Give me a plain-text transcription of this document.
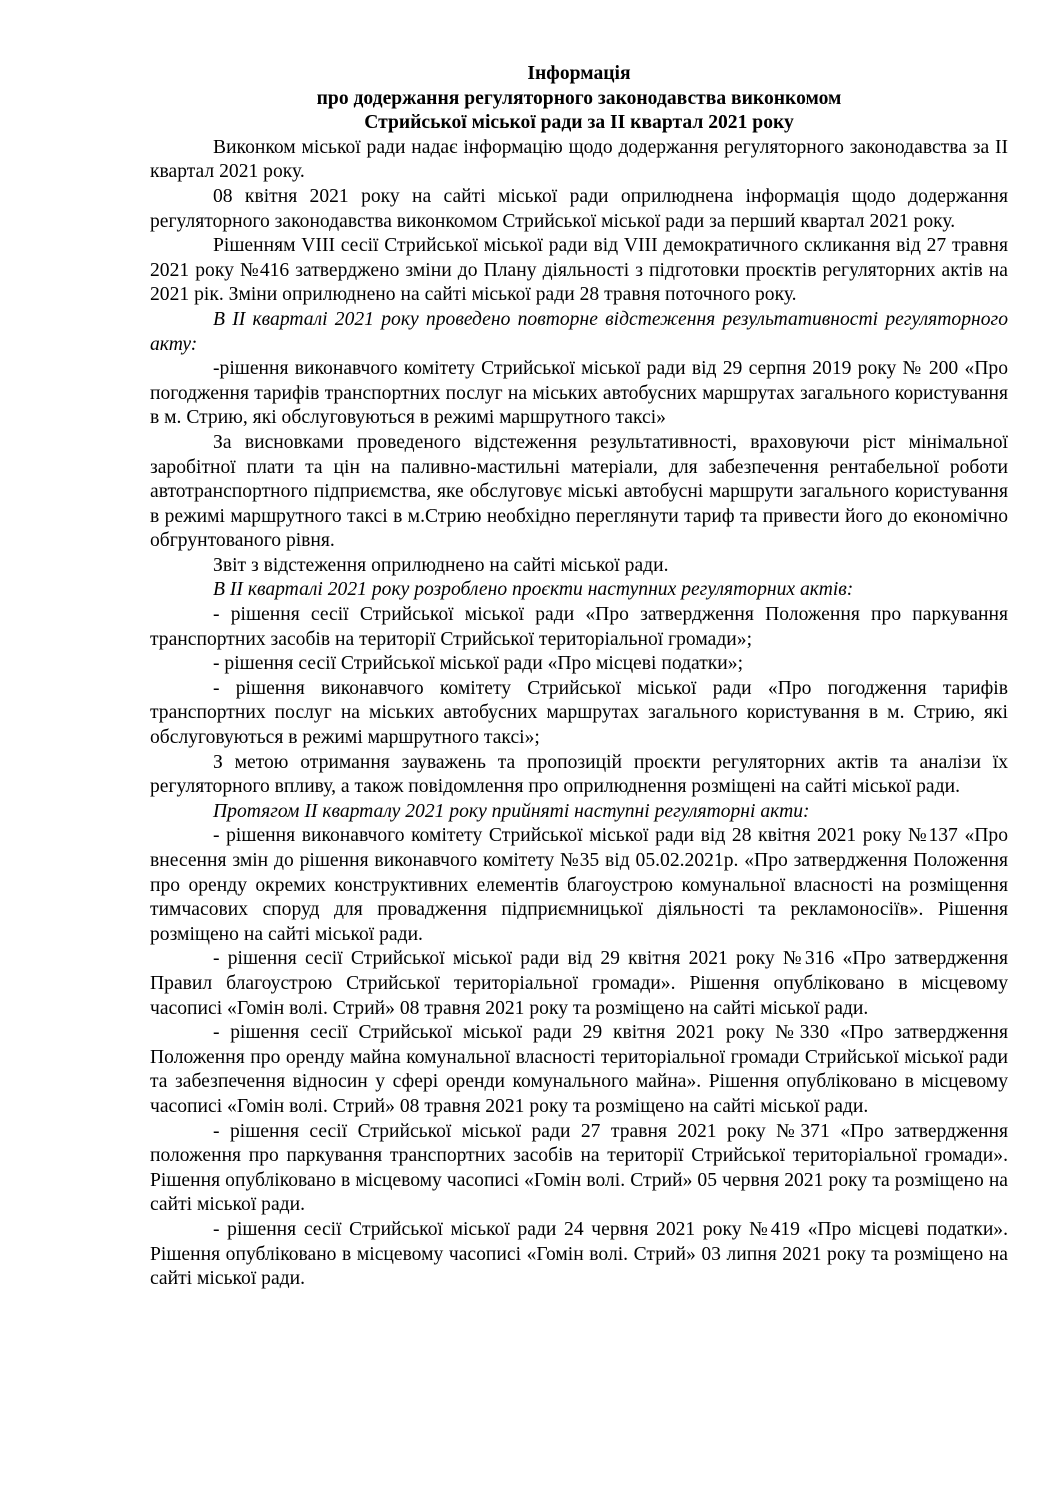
Інформація
про додержання регуляторного законодавства виконкомом
Стрийської міської ради за ІІ квартал 2021 року

Виконком міської ради надає інформацію щодо додержання регуляторного законодавства за ІІ квартал 2021 року.

08 квітня 2021 року на сайті міської ради оприлюднена інформація щодо додержання регуляторного законодавства виконкомом Стрийської міської ради за перший квартал 2021 року.

Рішенням VIII сесії Стрийської міської ради від VIII демократичного скликання від 27 травня 2021 року №416 затверджено зміни до Плану діяльності з підготовки проєктів регуляторних актів на 2021 рік. Зміни оприлюднено на сайті міської ради 28 травня поточного року.

В ІІ кварталі 2021 року проведено повторне відстеження результативності регуляторного акту:

-рішення виконавчого комітету Стрийської міської ради від 29 серпня 2019 року № 200 «Про погодження тарифів транспортних послуг на міських автобусних маршрутах загального користування в м. Стрию, які обслуговуються в режимі маршрутного таксі»

За висновками проведеного відстеження результативності, враховуючи ріст мінімальної заробітної плати та цін на паливно-мастильні матеріали, для забезпечення рентабельної роботи автотранспортного підприємства, яке обслуговує міські автобусні маршрути загального користування в режимі маршрутного таксі в м.Стрию необхідно переглянути тариф та привести його до економічно обгрунтованого рівня.

Звіт з відстеження оприлюднено на сайті міської ради.

В ІІ кварталі 2021 року розроблено проєкти наступних регуляторних актів:

- рішення сесії Стрийської міської ради «Про затвердження Положення про паркування транспортних засобів на території Стрийської територіальної громади»;

- рішення сесії Стрийської міської ради «Про місцеві податки»;

- рішення виконавчого комітету Стрийської міської ради «Про погодження тарифів транспортних послуг на міських автобусних маршрутах загального користування в м. Стрию, які обслуговуються в режимі маршрутного таксі»;

З метою отримання зауважень та пропозицій проєкти регуляторних актів та аналізи їх регуляторного впливу, а також повідомлення про оприлюднення розміщені на сайті міської ради.

Протягом ІІ кварталу 2021 року прийняті наступні регуляторні акти:

- рішення виконавчого комітету Стрийської міської ради від 28 квітня 2021 року №137 «Про внесення змін до рішення виконавчого комітету №35 від 05.02.2021р. «Про затвердження Положення про оренду окремих конструктивних елементів благоустрою комунальної власності на розміщення тимчасових споруд для провадження підприємницької діяльності та рекламоносіїв». Рішення розміщено на сайті міської ради.

- рішення сесії Стрийської міської ради від 29 квітня 2021 року №316 «Про затвердження Правил благоустрою Стрийської територіальної громади». Рішення опубліковано в місцевому часописі «Гомін волі. Стрий» 08 травня 2021 року та розміщено на сайті міської ради.

- рішення сесії Стрийської міської ради 29 квітня 2021 року №330 «Про затвердження Положення про оренду майна комунальної власності територіальної громади Стрийської міської ради та забезпечення відносин у сфері оренди комунального майна». Рішення опубліковано в місцевому часописі «Гомін волі. Стрий» 08 травня 2021 року та розміщено на сайті міської ради.

- рішення сесії Стрийської міської ради 27 травня 2021 року №371 «Про затвердження положення про паркування транспортних засобів на території Стрийської територіальної громади». Рішення опубліковано в місцевому часописі «Гомін волі. Стрий» 05 червня 2021 року та розміщено на сайті міської ради.

- рішення сесії Стрийської міської ради 24 червня 2021 року №419 «Про місцеві податки». Рішення опубліковано в місцевому часописі «Гомін волі. Стрий» 03 липня 2021 року та розміщено на сайті міської ради.
